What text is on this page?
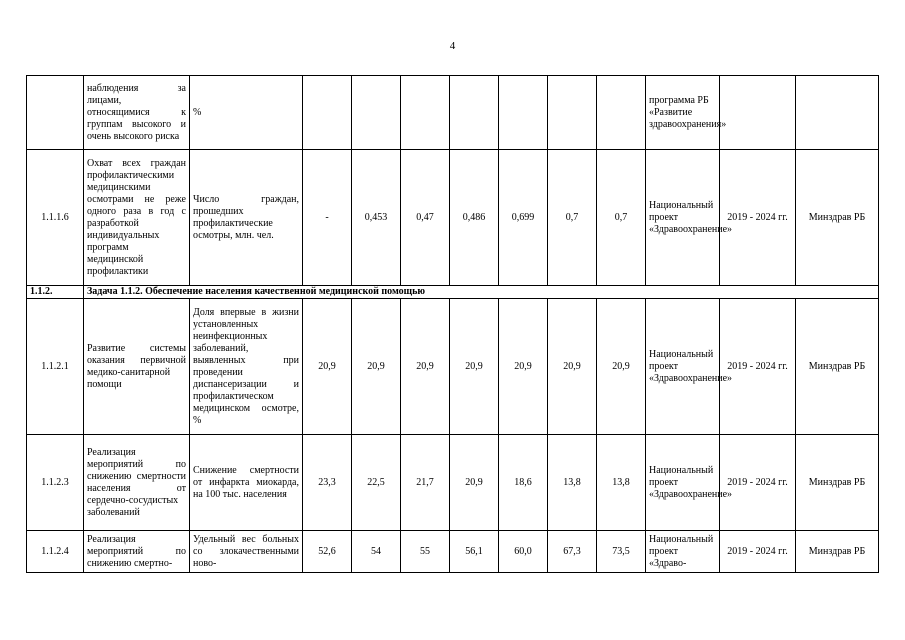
4
	наблюдения за лицами, относящимися к группам высокого и очень высокого риска	%								программа РБ «Развитие здравоохранения»		
1.1.1.6	Охват всех граждан профилактическими медицинскими осмотрами не реже одного раза в год с разработкой индивидуальных программ медицинской профилактики	Число граждан, прошедших профилактические осмотры, млн. чел.	-	0,453	0,47	0,486	0,699	0,7	0,7	Национальный проект «Здравоохранение»	2019 - 2024 гг.	Минздрав РБ
1.1.2.	Задача 1.1.2. Обеспечение населения качественной медицинской помощью											
1.1.2.1	Развитие системы оказания первичной медико-санитарной помощи	Доля впервые в жизни установленных неинфекционных заболеваний, выявленных при проведении диспансеризации и профилактическом медицинском осмотре, %	20,9	20,9	20,9	20,9	20,9	20,9	20,9	Национальный проект «Здравоохранение»	2019 - 2024 гг.	Минздрав РБ
1.1.2.3	Реализация мероприятий по снижению смертности населения от сердечно-сосудистых заболеваний	Снижение смертности от инфаркта миокарда, на 100 тыс. населения	23,3	22,5	21,7	20,9	18,6	13,8	13,8	Национальный проект «Здравоохранение»	2019 - 2024 гг.	Минздрав РБ
1.1.2.4	Реализация мероприятий по снижению смертно-	Удельный вес больных со злокачественными ново-	52,6	54	55	56,1	60,0	67,3	73,5	Национальный проект «Здраво-	2019 - 2024 гг.	Минздрав РБ
